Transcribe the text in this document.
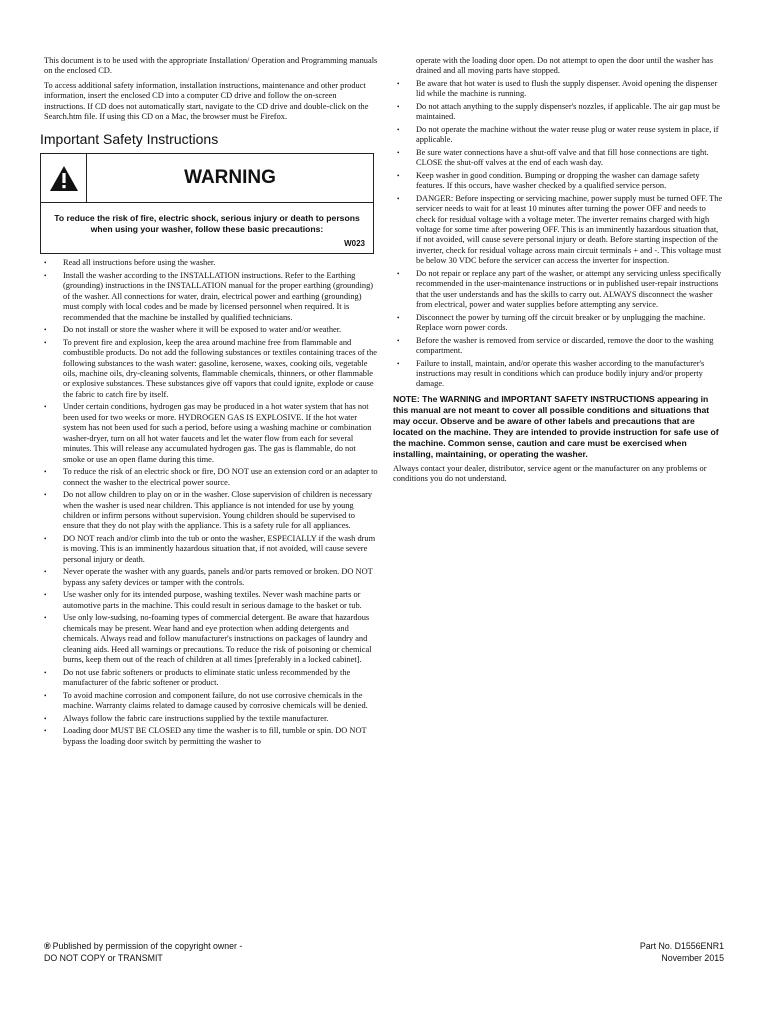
This document is to be used with the appropriate Installation/ Operation and Programming manuals on the enclosed CD.

To access additional safety information, installation instructions, maintenance and other product information, insert the enclosed CD into a computer CD drive and follow the on-screen instructions. If CD does not automatically start, navigate to the CD drive and double-click on the Search.htm file. If using this CD on a Mac, the browser must be Firefox.

Important Safety Instructions
WARNING
To reduce the risk of fire, electric shock, serious injury or death to persons when using your washer, follow these basic precautions:
W023
• Read all instructions before using the washer.
• Install the washer according to the INSTALLATION instructions. Refer to the Earthing (grounding) instructions in the INSTALLATION manual for the proper earthing (grounding) of the washer. All connections for water, drain, electrical power and earthing (grounding) must comply with local codes and be made by licensed personnel when required. It is recommended that the machine be installed by qualified technicians.
• Do not install or store the washer where it will be exposed to water and/or weather.
• To prevent fire and explosion, keep the area around machine free from flammable and combustible products. Do not add the following substances or textiles containing traces of the following substances to the wash water: gasoline, kerosene, waxes, cooking oils, vegetable oils, machine oils, dry-cleaning solvents, flammable chemicals, thinners, or other flammable or explosive substances. These substances give off vapors that could ignite, explode or cause the fabric to catch fire by itself.
• Under certain conditions, hydrogen gas may be produced in a hot water system that has not been used for two weeks or more. HYDROGEN GAS IS EXPLOSIVE. If the hot water system has not been used for such a period, before using a washing machine or combination washer-dryer, turn on all hot water faucets and let the water flow from each for several minutes. This will release any accumulated hydrogen gas. The gas is flammable, do not smoke or use an open flame during this time.
• To reduce the risk of an electric shock or fire, DO NOT use an extension cord or an adapter to connect the washer to the electrical power source.
• Do not allow children to play on or in the washer. Close supervision of children is necessary when the washer is used near children. This appliance is not intended for use by young children or infirm persons without supervision. Young children should be supervised to ensure that they do not play with the appliance. This is a safety rule for all appliances.
• DO NOT reach and/or climb into the tub or onto the washer, ESPECIALLY if the wash drum is moving. This is an imminently hazardous situation that, if not avoided, will cause severe personal injury or death.
• Never operate the washer with any guards, panels and/or parts removed or broken. DO NOT bypass any safety devices or tamper with the controls.
• Use washer only for its intended purpose, washing textiles. Never wash machine parts or automotive parts in the machine. This could result in serious damage to the basket or tub.
• Use only low-sudsing, no-foaming types of commercial detergent. Be aware that hazardous chemicals may be present. Wear hand and eye protection when adding detergents and chemicals. Always read and follow manufacturer's instructions on packages of laundry and cleaning aids. Heed all warnings or precautions. To reduce the risk of poisoning or chemical burns, keep them out of the reach of children at all times [preferably in a locked cabinet].
• Do not use fabric softeners or products to eliminate static unless recommended by the manufacturer of the fabric softener or product.
• To avoid machine corrosion and component failure, do not use corrosive chemicals in the machine. Warranty claims related to damage caused by corrosive chemicals will be denied.
• Always follow the fabric care instructions supplied by the textile manufacturer.
• Loading door MUST BE CLOSED any time the washer is to fill, tumble or spin. DO NOT bypass the loading door switch by permitting the washer to

operate with the loading door open. Do not attempt to open the door until the washer has drained and all moving parts have stopped.

• Be aware that hot water is used to flush the supply dispenser. Avoid opening the dispenser lid while the machine is running.
• Do not attach anything to the supply dispenser's nozzles, if applicable. The air gap must be maintained.
• Do not operate the machine without the water reuse plug or water reuse system in place, if applicable.
• Be sure water connections have a shut-off valve and that fill hose connections are tight. CLOSE the shut-off valves at the end of each wash day.
• Keep washer in good condition. Bumping or dropping the washer can damage safety features. If this occurs, have washer checked by a qualified service person.
• DANGER: Before inspecting or servicing machine, power supply must be turned OFF. The servicer needs to wait for at least 10 minutes after turning the power OFF and needs to check for residual voltage with a voltage meter. The inverter remains charged with high voltage for some time after powering OFF. This is an imminently hazardous situation that, if not avoided, will cause severe personal injury or death. Before starting inspection of the inverter, check for residual voltage across main circuit terminals + and -. This voltage must be below 30 VDC before the servicer can access the inverter for inspection.
• Do not repair or replace any part of the washer, or attempt any servicing unless specifically recommended in the user-maintenance instructions or in published user-repair instructions that the user understands and has the skills to carry out. ALWAYS disconnect the washer from electrical, power and water supplies before attempting any service.
• Disconnect the power by turning off the circuit breaker or by unplugging the machine. Replace worn power cords.
• Before the washer is removed from service or discarded, remove the door to the washing compartment.
• Failure to install, maintain, and/or operate this washer according to the manufacturer's instructions may result in conditions which can produce bodily injury and/or property damage.

NOTE: The WARNING and IMPORTANT SAFETY INSTRUCTIONS appearing in this manual are not meant to cover all possible conditions and situations that may occur. Observe and be aware of other labels and precautions that are located on the machine. They are intended to provide instruction for safe use of the machine. Common sense, caution and care must be exercised when installing, maintaining, or operating the washer.

Always contact your dealer, distributor, service agent or the manufacturer on any problems or conditions you do not understand.

® Published by permission of the copyright owner -
DO NOT COPY or TRANSMIT
Part No. D1556ENR1
November 2015
